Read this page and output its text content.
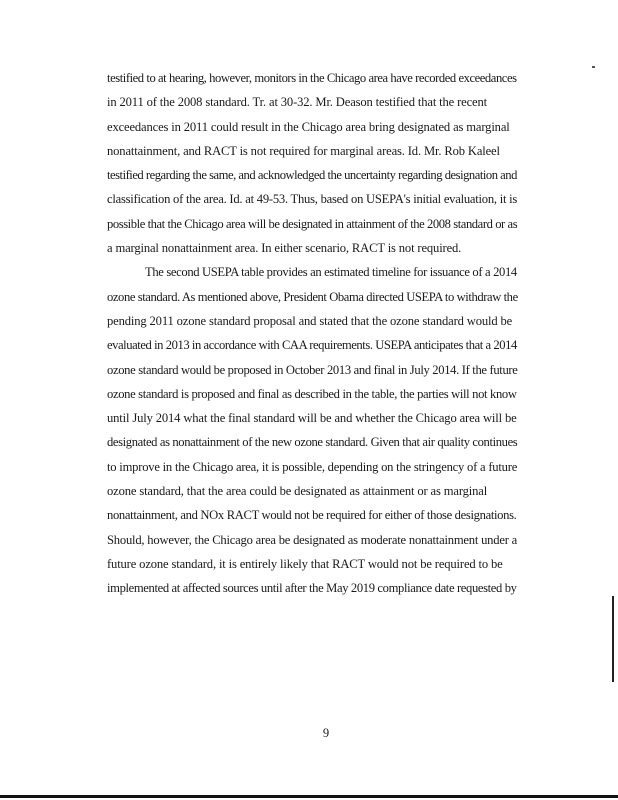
testified to at hearing, however, monitors in the Chicago area have recorded exceedances
in 2011 of the 2008 standard. Tr. at 30-32. Mr. Deason testified that the recent
exceedances in 2011 could result in the Chicago area bring designated as marginal
nonattainment, and RACT is not required for marginal areas. Id. Mr. Rob Kaleel
testified regarding the same, and acknowledged the uncertainty regarding designation and
classification of the area. Id. at 49-53. Thus, based on USEPA's initial evaluation, it is
possible that the Chicago area will be designated in attainment of the 2008 standard or as
a marginal nonattainment area. In either scenario, RACT is not required.
The second USEPA table provides an estimated timeline for issuance of a 2014
ozone standard. As mentioned above, President Obama directed USEPA to withdraw the
pending 2011 ozone standard proposal and stated that the ozone standard would be
evaluated in 2013 in accordance with CAA requirements. USEPA anticipates that a 2014
ozone standard would be proposed in October 2013 and final in July 2014. If the future
ozone standard is proposed and final as described in the table, the parties will not know
until July 2014 what the final standard will be and whether the Chicago area will be
designated as nonattainment of the new ozone standard. Given that air quality continues
to improve in the Chicago area, it is possible, depending on the stringency of a future
ozone standard, that the area could be designated as attainment or as marginal
nonattainment, and NOx RACT would not be required for either of those designations.
Should, however, the Chicago area be designated as moderate nonattainment under a
future ozone standard, it is entirely likely that RACT would not be required to be
implemented at affected sources until after the May 2019 compliance date requested by
9
